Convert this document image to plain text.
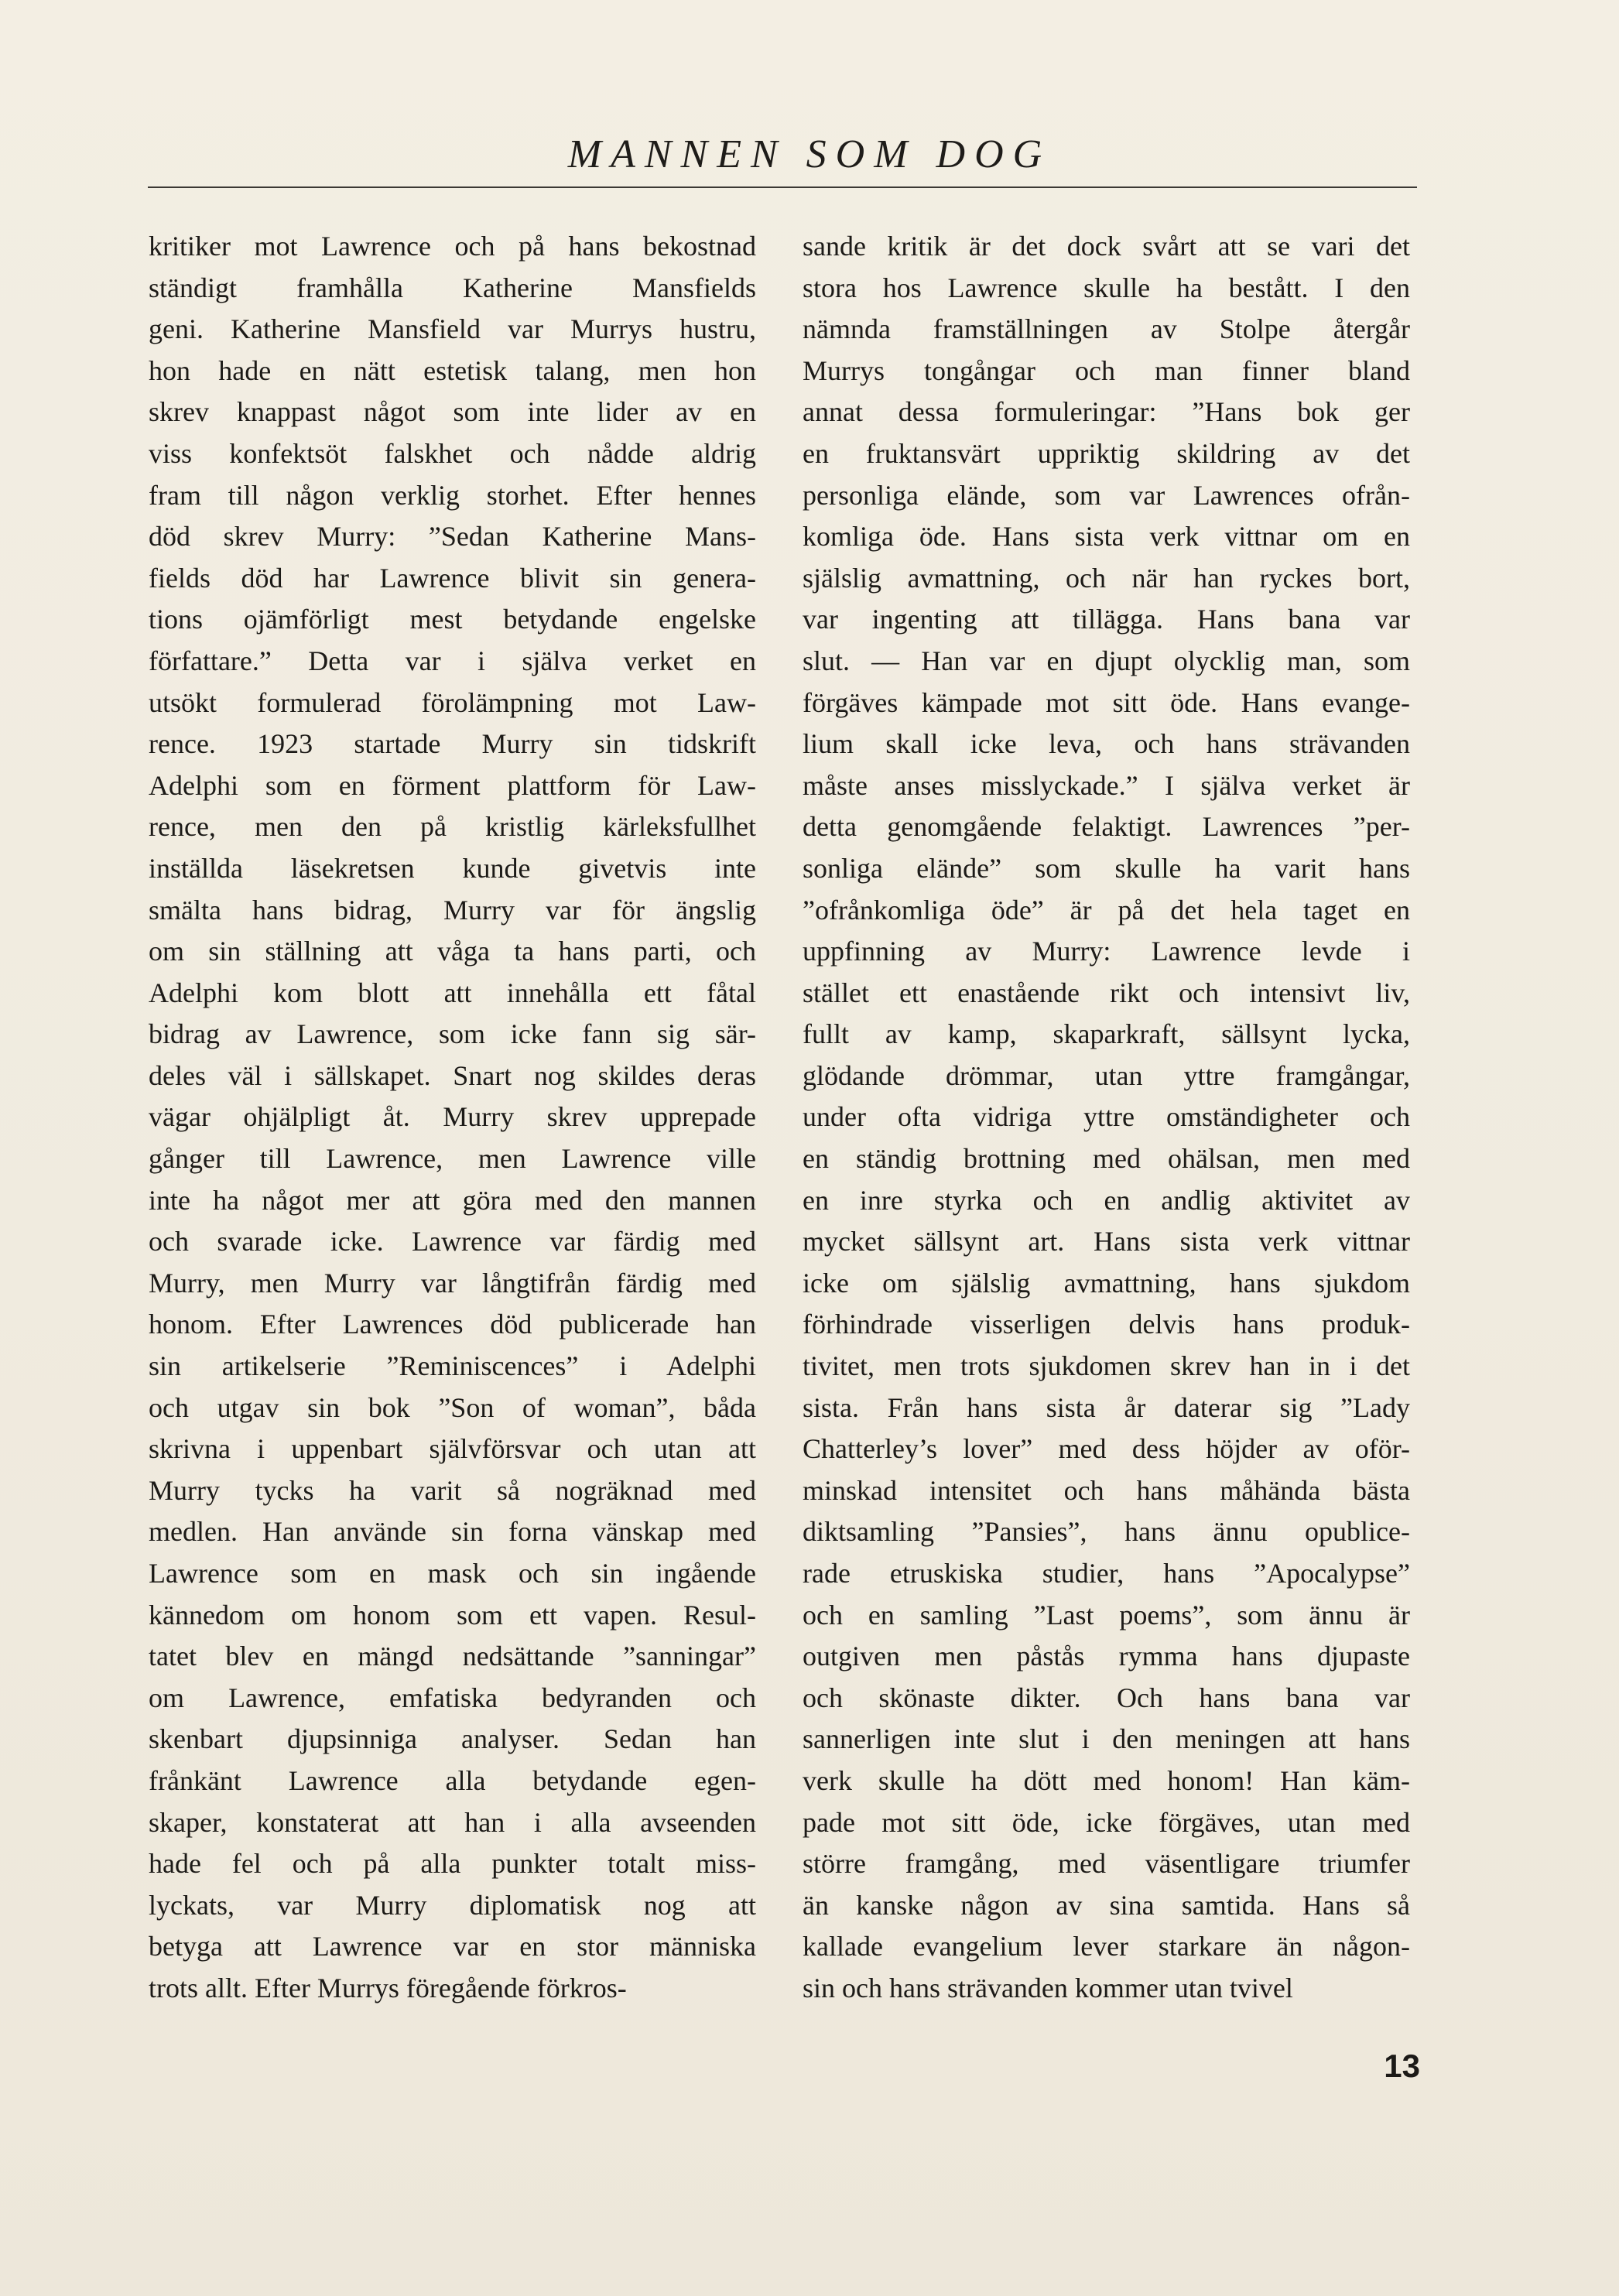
MANNEN SOM DOG
kritiker mot Lawrence och på hans bekostnad
ständigt framhålla Katherine Mansfields
geni. Katherine Mansfield var Murrys hustru,
hon hade en nätt estetisk talang, men hon
skrev knappast något som inte lider av en
viss konfektsöt falskhet och nådde aldrig
fram till någon verklig storhet. Efter hennes
död skrev Murry: ”Sedan Katherine Mans-
fields död har Lawrence blivit sin genera-
tions ojämförligt mest betydande engelske
författare.” Detta var i själva verket en
utsökt formulerad förolämpning mot Law-
rence. 1923 startade Murry sin tidskrift
Adelphi som en förment plattform för Law-
rence, men den på kristlig kärleksfullhet
inställda läsekretsen kunde givetvis inte
smälta hans bidrag, Murry var för ängslig
om sin ställning att våga ta hans parti, och
Adelphi kom blott att innehålla ett fåtal
bidrag av Lawrence, som icke fann sig sär-
deles väl i sällskapet. Snart nog skildes deras
vägar ohjälpligt åt. Murry skrev upprepade
gånger till Lawrence, men Lawrence ville
inte ha något mer att göra med den mannen
och svarade icke. Lawrence var färdig med
Murry, men Murry var långtifrån färdig med
honom. Efter Lawrences död publicerade han
sin artikelserie ”Reminiscences” i Adelphi
och utgav sin bok ”Son of woman”, båda
skrivna i uppenbart självförsvar och utan att
Murry tycks ha varit så nogräknad med
medlen. Han använde sin forna vänskap med
Lawrence som en mask och sin ingående
kännedom om honom som ett vapen. Resul-
tatet blev en mängd nedsättande ”sanningar”
om Lawrence, emfatiska bedyranden och
skenbart djupsinniga analyser. Sedan han
frånkänt Lawrence alla betydande egen-
skaper, konstaterat att han i alla avseenden
hade fel och på alla punkter totalt miss-
lyckats, var Murry diplomatisk nog att
betyga att Lawrence var en stor människa
trots allt. Efter Murrys föregående förkros-
sande kritik är det dock svårt att se vari det
stora hos Lawrence skulle ha bestått. I den
nämnda framställningen av Stolpe återgår
Murrys tongångar och man finner bland
annat dessa formuleringar: ”Hans bok ger
en fruktansvärt uppriktig skildring av det
personliga elände, som var Lawrences ofrån-
komliga öde. Hans sista verk vittnar om en
själslig avmattning, och när han ryckes bort,
var ingenting att tillägga. Hans bana var
slut. — Han var en djupt olycklig man, som
förgäves kämpade mot sitt öde. Hans evange-
lium skall icke leva, och hans strävanden
måste anses misslyckade.” I själva verket är
detta genomgående felaktigt. Lawrences ”per-
sonliga elände” som skulle ha varit hans
”ofrånkomliga öde” är på det hela taget en
uppfinning av Murry: Lawrence levde i
stället ett enastående rikt och intensivt liv,
fullt av kamp, skaparkraft, sällsynt lycka,
glödande drömmar, utan yttre framgångar,
under ofta vidriga yttre omständigheter och
en ständig brottning med ohälsan, men med
en inre styrka och en andlig aktivitet av
mycket sällsynt art. Hans sista verk vittnar
icke om själslig avmattning, hans sjukdom
förhindrade visserligen delvis hans produk-
tivitet, men trots sjukdomen skrev han in i det
sista. Från hans sista år daterar sig ”Lady
Chatterley’s lover” med dess höjder av oför-
minskad intensitet och hans måhända bästa
diktsamling ”Pansies”, hans ännu opublice-
rade etruskiska studier, hans ”Apocalypse”
och en samling ”Last poems”, som ännu är
outgiven men påstås rymma hans djupaste
och skönaste dikter. Och hans bana var
sannerligen inte slut i den meningen att hans
verk skulle ha dött med honom! Han käm-
pade mot sitt öde, icke förgäves, utan med
större framgång, med väsentligare triumfer
än kanske någon av sina samtida. Hans så
kallade evangelium lever starkare än någon-
sin och hans strävanden kommer utan tvivel
13
